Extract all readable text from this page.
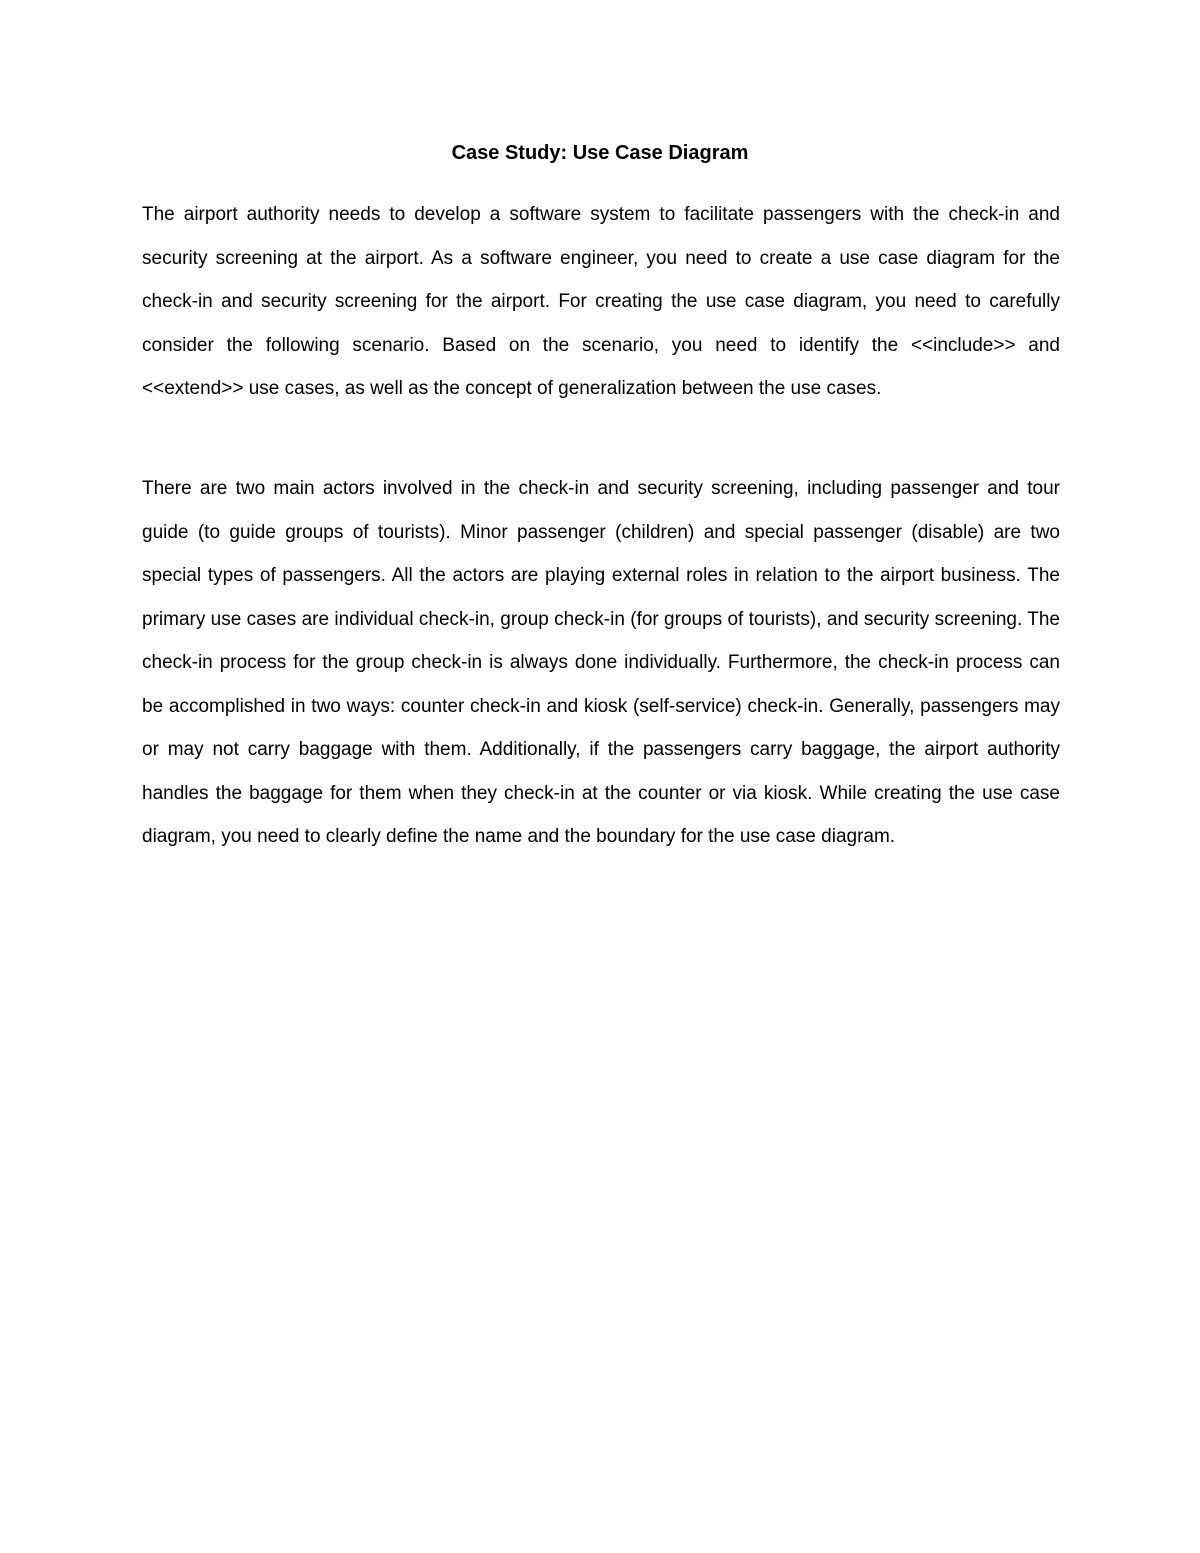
Case Study: Use Case Diagram

The airport authority needs to develop a software system to facilitate passengers with the check-in and security screening at the airport. As a software engineer, you need to create a use case diagram for the check-in and security screening for the airport. For creating the use case diagram, you need to carefully consider the following scenario. Based on the scenario, you need to identify the <<include>> and <<extend>> use cases, as well as the concept of generalization between the use cases.

There are two main actors involved in the check-in and security screening, including passenger and tour guide (to guide groups of tourists). Minor passenger (children) and special passenger (disable) are two special types of passengers. All the actors are playing external roles in relation to the airport business. The primary use cases are individual check-in, group check-in (for groups of tourists), and security screening. The check-in process for the group check-in is always done individually. Furthermore, the check-in process can be accomplished in two ways: counter check-in and kiosk (self-service) check-in. Generally, passengers may or may not carry baggage with them. Additionally, if the passengers carry baggage, the airport authority handles the baggage for them when they check-in at the counter or via kiosk. While creating the use case diagram, you need to clearly define the name and the boundary for the use case diagram.
